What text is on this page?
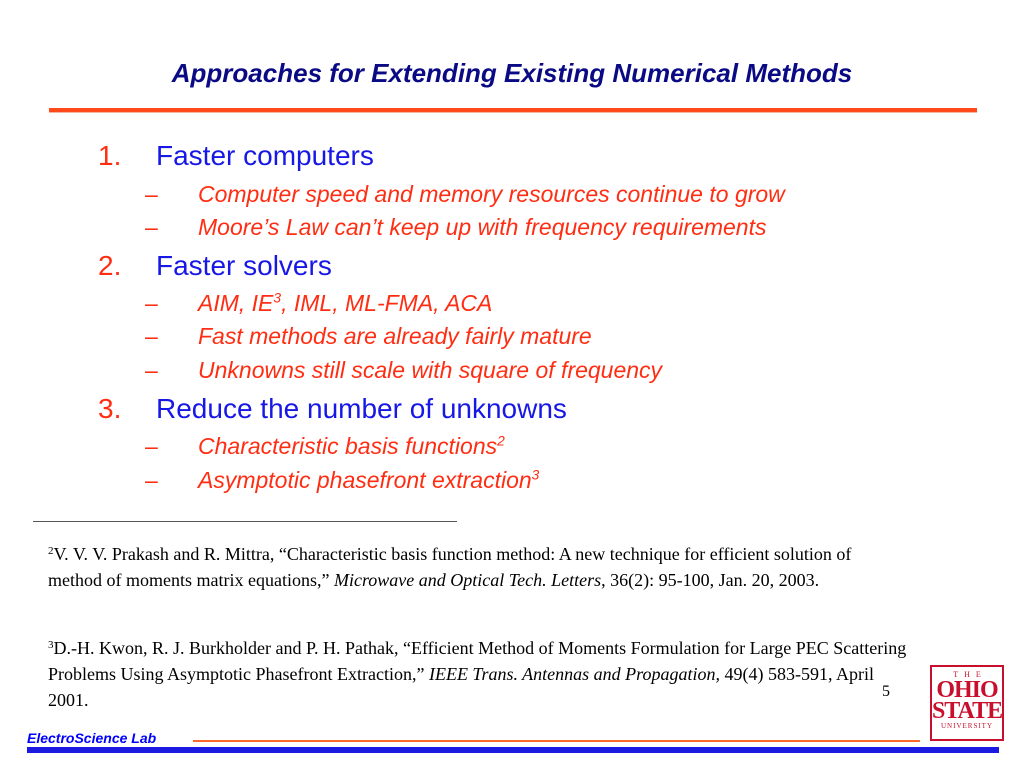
Approaches for Extending Existing Numerical Methods
1. Faster computers
– Computer speed and memory resources continue to grow
– Moore’s Law can’t keep up with frequency requirements
2. Faster solvers
– AIM, $IE^3$, IML, ML-FMA, ACA
– Fast methods are already fairly mature
– Unknowns still scale with square of frequency
3. Reduce the number of unknowns
– Characteristic basis functions$^2$
– Asymptotic phasefront extraction$^3$
$^2$V. V. V. Prakash and R. Mittra, “Characteristic basis function method: A new technique for efficient solution of method of moments matrix equations,” Microwave and Optical Tech. Letters, 36(2): 95-100, Jan. 20, 2003.
$^3$D.-H. Kwon, R. J. Burkholder and P. H. Pathak, “Efficient Method of Moments Formulation for Large PEC Scattering Problems Using Asymptotic Phasefront Extraction,” IEEE Trans. Antennas and Propagation, 49(4) 583-591, April 2001.	5
THE
OHIO
STATE
UNIVERSITY
ElectroScience Lab
